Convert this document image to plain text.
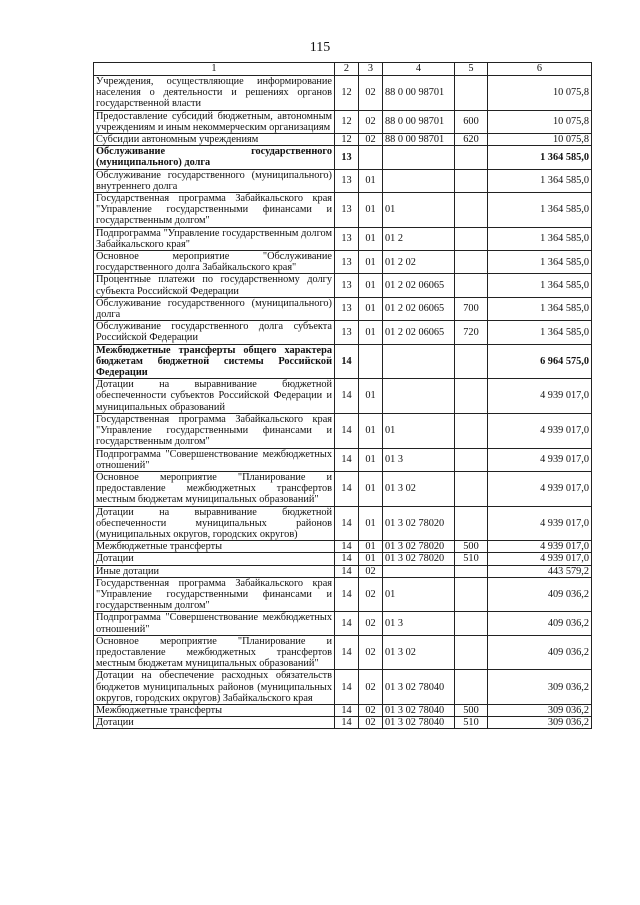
115
1	2	3	4	5	6
Учреждения, осуществляющие информирование населения о деятельности и решениях органов государственной власти	12	02	88 0 00 98701		10 075,8
Предоставление субсидий бюджетным, автономным учреждениям и иным некоммерческим организациям	12	02	88 0 00 98701	600	10 075,8
Субсидии автономным учреждениям	12	02	88 0 00 98701	620	10 075,8
Обслуживание государственного (муниципального) долга	13				1 364 585,0
Обслуживание государственного (муниципального) внутреннего долга	13	01			1 364 585,0
Государственная программа Забайкальского края "Управление государственными финансами и государственным долгом"	13	01	01		1 364 585,0
Подпрограмма "Управление государственным долгом Забайкальского края"	13	01	01 2		1 364 585,0
Основное мероприятие "Обслуживание государственного долга Забайкальского края"	13	01	01 2 02		1 364 585,0
Процентные платежи по государственному долгу субъекта Российской Федерации	13	01	01 2 02 06065		1 364 585,0
Обслуживание государственного (муниципального) долга	13	01	01 2 02 06065	700	1 364 585,0
Обслуживание государственного долга субъекта Российской Федерации	13	01	01 2 02 06065	720	1 364 585,0
Межбюджетные трансферты общего характера бюджетам бюджетной системы Российской Федерации	14				6 964 575,0
Дотации на выравнивание бюджетной обеспеченности субъектов Российской Федерации и муниципальных образований	14	01			4 939 017,0
Государственная программа Забайкальского края "Управление государственными финансами и государственным долгом"	14	01	01		4 939 017,0
Подпрограмма "Совершенствование межбюджетных отношений"	14	01	01 3		4 939 017,0
Основное мероприятие "Планирование и предоставление межбюджетных трансфертов местным бюджетам муниципальных образований"	14	01	01 3 02		4 939 017,0
Дотации на выравнивание бюджетной обеспеченности муниципальных районов (муниципальных округов, городских округов)	14	01	01 3 02 78020		4 939 017,0
Межбюджетные трансферты	14	01	01 3 02 78020	500	4 939 017,0
Дотации	14	01	01 3 02 78020	510	4 939 017,0
Иные дотации	14	02			443 579,2
Государственная программа Забайкальского края "Управление государственными финансами и государственным долгом"	14	02	01		409 036,2
Подпрограмма "Совершенствование межбюджетных отношений"	14	02	01 3		409 036,2
Основное мероприятие "Планирование и предоставление межбюджетных трансфертов местным бюджетам муниципальных образований"	14	02	01 3 02		409 036,2
Дотации на обеспечение расходных обязательств бюджетов муниципальных районов (муниципальных округов, городских округов) Забайкальского края	14	02	01 3 02 78040		309 036,2
Межбюджетные трансферты	14	02	01 3 02 78040	500	309 036,2
Дотации	14	02	01 3 02 78040	510	309 036,2
